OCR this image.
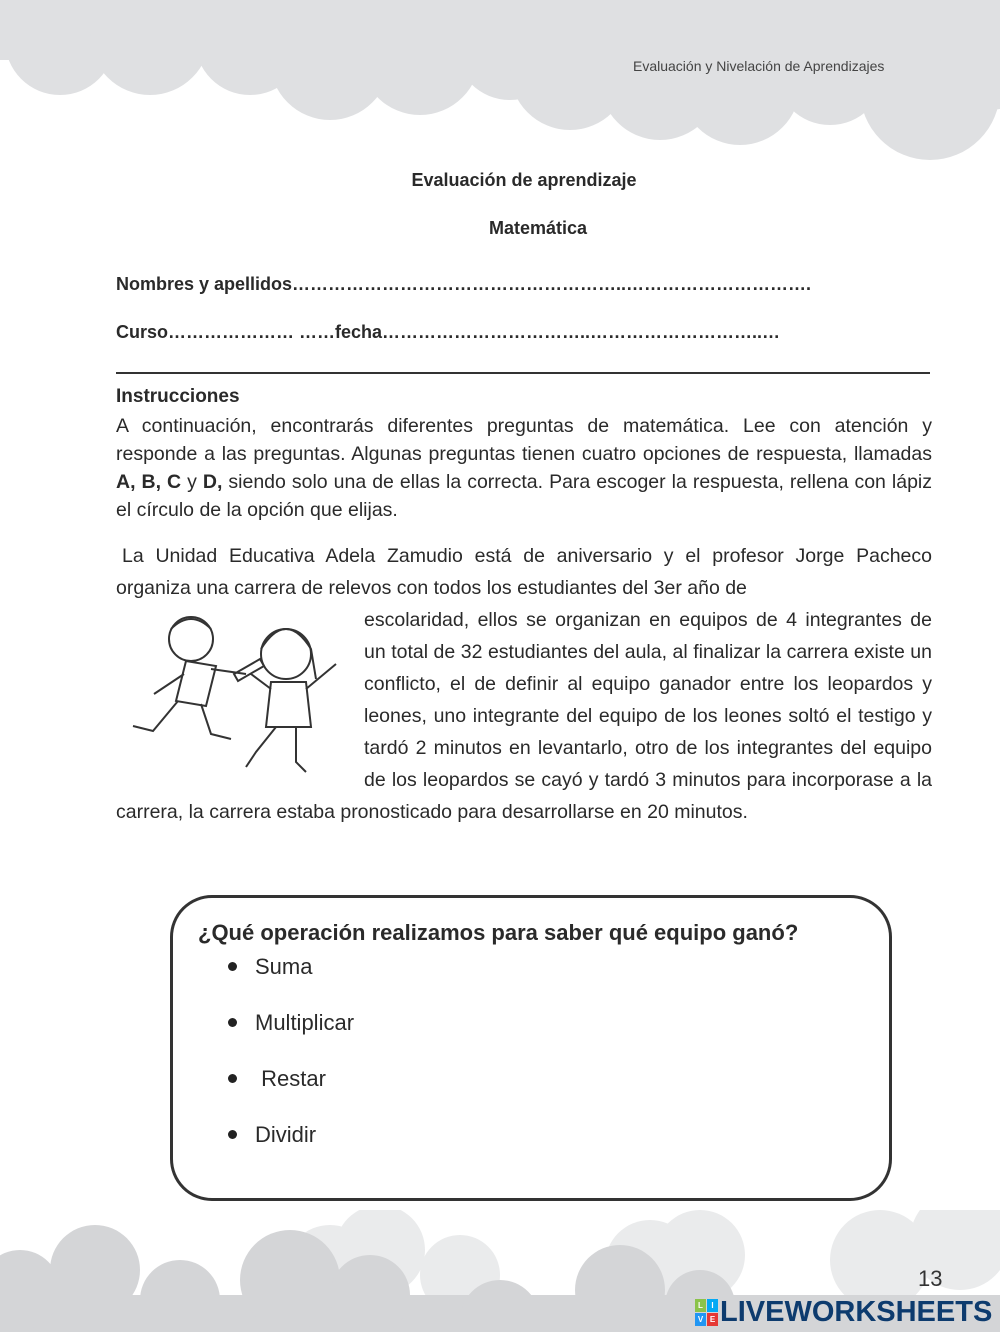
Evaluación y Nivelación de Aprendizajes
Evaluación de aprendizaje
Matemática
Nombres y apellidos………………………………………………..………………………….
Curso………………… ……fecha……………………………..………………………..…
Instrucciones
A continuación, encontrarás diferentes preguntas de matemática. Lee con atención y responde a las preguntas. Algunas preguntas tienen cuatro opciones de respuesta, llamadas A, B, C y D, siendo solo una de ellas la correcta. Para escoger la respuesta, rellena con lápiz el círculo de la opción que elijas.
La Unidad Educativa Adela Zamudio está de aniversario y el profesor Jorge Pacheco organiza una carrera de relevos con todos los estudiantes del 3er año de

escolaridad, ellos se organizan en equipos de 4 integrantes de un total de 32 estudiantes del aula, al finalizar la carrera existe un conflicto, el de definir al equipo ganador entre los leopardos y leones, uno integrante del equipo de los leones soltó el testigo y tardó 2 minutos en levantarlo, otro de los integrantes del equipo de los leopardos se cayó y tardó 3 minutos para incorporase a la carrera, la carrera estaba pronosticado para desarrollarse en 20 minutos.
¿Qué operación realizamos para saber qué equipo ganó?
Suma
Multiplicar
Restar
Dividir
13
L	I
V E LIVEWORKSHEETS
